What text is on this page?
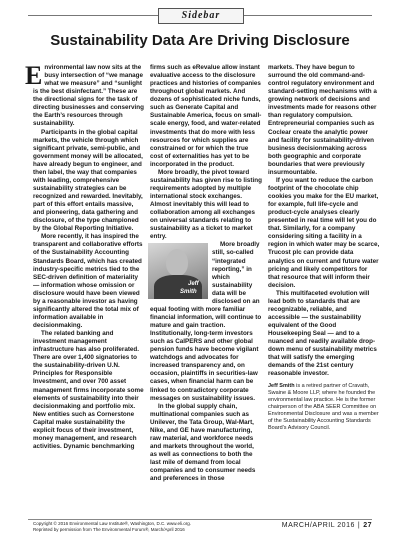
Sidebar
Sustainability Data Are Driving Disclosure

Environmental law now sits at the busy intersection of “we manage what we measure” and “sunlight is the best disinfectant.” These are the directional signs for the task of directing businesses and conserving the Earth’s resources through sustainability.

Participants in the global capital markets, the vehicle through which significant private, semi-public, and government money will be allocated, have already begun to engineer, and then label, the way that companies with leading, comprehensive sustainability strategies can be recognized and rewarded. Inevitably, part of this effort entails massive, and pioneering, data gathering and disclosure, of the type championed by the Global Reporting Initiative.

More recently, it has inspired the transparent and collaborative efforts of the Sustainability Accounting Standards Board, which has created industry-specific metrics tied to the SEC-driven definition of materiality — information whose omission or disclosure would have been viewed by a reasonable investor as having significantly altered the total mix of information available in decisionmaking.

The related banking and investment management infrastructure has also proliferated. There are over 1,400 signatories to the sustainability-driven U.N. Principles for Responsible Investment, and over 700 asset management firms incorporate some elements of sustainability into their decisionmaking and portfolio mix. New entities such as Cornerstone Capital make sustainability the explicit focus of their investment, money management, and research activities. Dynamic benchmarking

firms such as eRevalue allow instant evaluative access to the disclosure practices and histories of companies throughout global markets. And dozens of sophisticated niche funds, such as Generate Capital and Sustainable America, focus on small-scale energy, food, and water-related investments that do more with less resources for which supplies are constrained or for which the true cost of externalities has yet to be incorporated in the product.

More broadly, the pivot toward sustainability has given rise to listing requirements adopted by multiple international stock exchanges. Almost inevitably this will lead to collaboration among all exchanges on universal standards relating to sustainability as a ticket to market entry.

Jeff Smith
More broadly still, so-called “integrated reporting,” in which sustainability data will be disclosed on an equal footing with more familiar financial information, will continue to mature and gain traction. Institutionally, long-term investors such as CalPERS and other global pension funds have become vigilant watchdogs and advocates for increased transparency and, on occasion, plaintiffs in securities-law cases, when financial harm can be linked to contradictory corporate messages on sustainability issues.

In the global supply chain, multinational companies such as Unilever, the Tata Group, Wal-Mart, Nike, and GE have manufacturing, raw material, and workforce needs and markets throughout the world, as well as connections to both the last mile of demand from local companies and to consumer needs and preferences in those

markets. They have begun to surround the old command-and-control regulatory environment and standard-setting mechanisms with a growing network of decisions and investments made for reasons other than regulatory compulsion. Entrepreneurial companies such as Coclear create the analytic power and facility for sustainability-driven business decisionmaking across both geographic and corporate boundaries that were previously insurmountable.

If you want to reduce the carbon footprint of the chocolate chip cookies you make for the EU market, for example, full life-cycle and product-cycle analyses clearly presented in real time will let you do that. Similarly, for a company considering siting a facility in a region in which water may be scarce, Trucost plc can provide data analytics on current and future water pricing and likely competitors for that resource that will inform their decision.

This multifaceted evolution will lead both to standards that are recognizable, reliable, and accessible — the sustainability equivalent of the Good Housekeeping Seal — and to a nuanced and readily available drop-down menu of sustainability metrics that will satisfy the emerging demands of the 21st century reasonable investor.

Jeff Smith is a retired partner of Cravath, Swaine & Moore LLP, where he founded the environmental law practice. He is the former chairperson of the ABA SEER Committee on Environmental Disclosure and was a member of the Sustainability Accounting Standards Board’s Advisory Council.

Copyright © 2016 Environmental Law Institute®, Washington, D.C. www.eli.org.
Reprinted by permission from The Environmental Forum®, March/April 2016
MARCH/APRIL 2016 | 27
